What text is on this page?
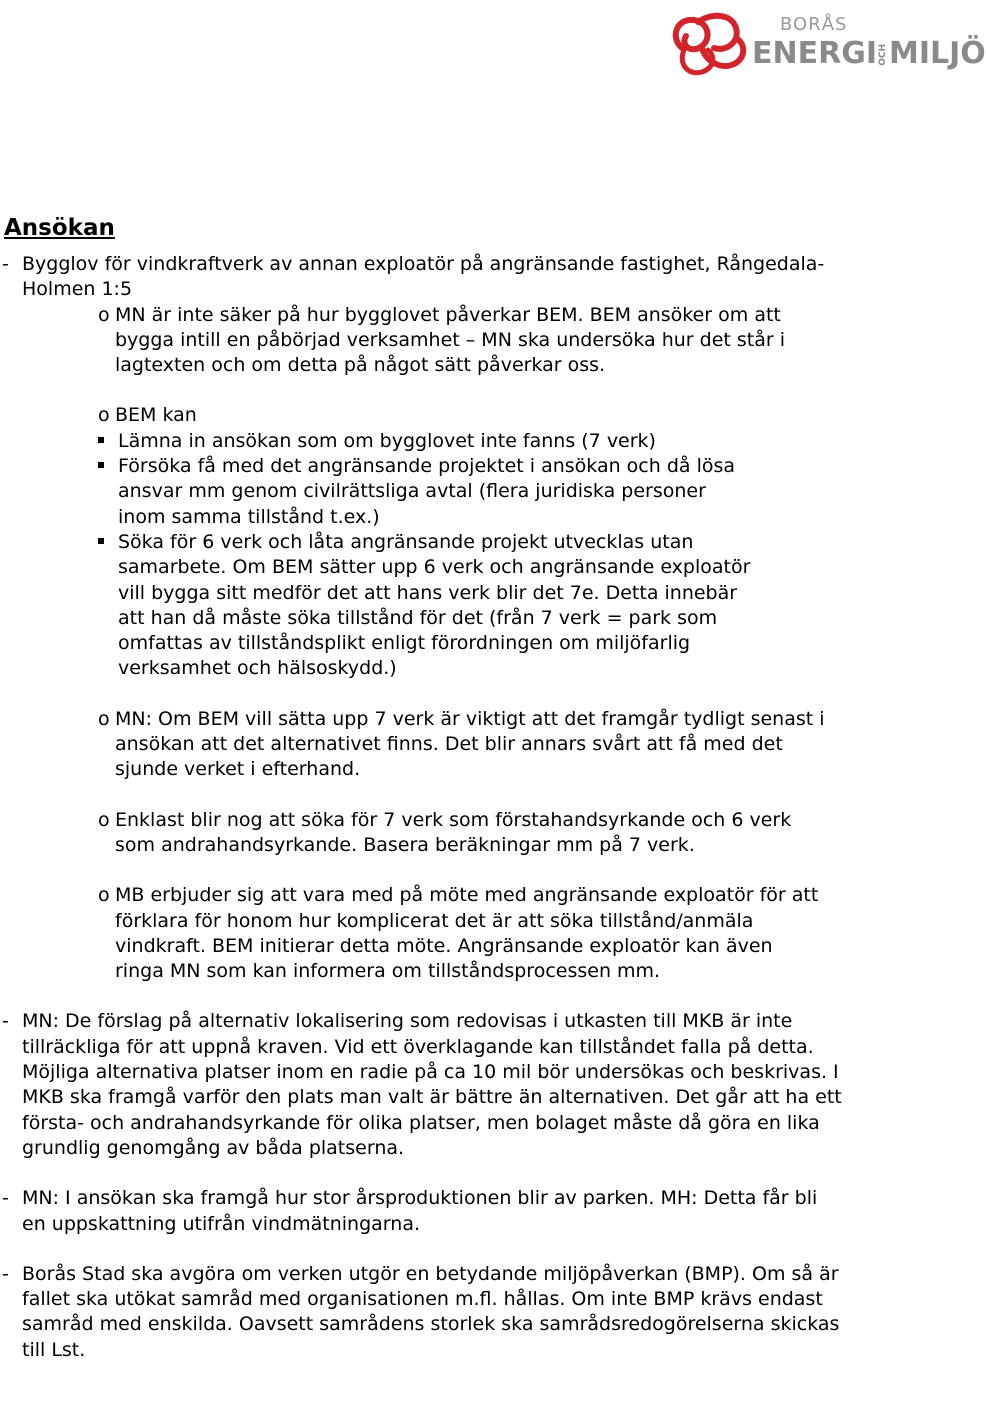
BORÅS
ENERGIOCHMILJÖ
Ansökan
- Bygglov för vindkraftverk av annan exploatör på angränsande fastighet, Rångedala-Holmen 1:5
o MN är inte säker på hur bygglovet påverkar BEM. BEM ansöker om att bygga intill en påbörjad verksamhet – MN ska undersöka hur det står i lagtexten och om detta på något sätt påverkar oss.
o BEM kan
Lämna in ansökan som om bygglovet inte fanns (7 verk)
Försöka få med det angränsande projektet i ansökan och då lösa ansvar mm genom civilrättsliga avtal (flera juridiska personer inom samma tillstånd t.ex.)
Söka för 6 verk och låta angränsande projekt utvecklas utan samarbete. Om BEM sätter upp 6 verk och angränsande exploatör vill bygga sitt medför det att hans verk blir det 7e. Detta innebär att han då måste söka tillstånd för det (från 7 verk = park som omfattas av tillståndsplikt enligt förordningen om miljöfarlig verksamhet och hälsoskydd.)
o MN: Om BEM vill sätta upp 7 verk är viktigt att det framgår tydligt senast i ansökan att det alternativet finns. Det blir annars svårt att få med det sjunde verket i efterhand.
o Enklast blir nog att söka för 7 verk som förstahandsyrkande och 6 verk som andrahandsyrkande. Basera beräkningar mm på 7 verk.
o MB erbjuder sig att vara med på möte med angränsande exploatör för att förklara för honom hur komplicerat det är att söka tillstånd/anmäla vindkraft. BEM initierar detta möte. Angränsande exploatör kan även ringa MN som kan informera om tillståndsprocessen mm.
- MN: De förslag på alternativ lokalisering som redovisas i utkasten till MKB är inte tillräckliga för att uppnå kraven. Vid ett överklagande kan tillståndet falla på detta. Möjliga alternativa platser inom en radie på ca 10 mil bör undersökas och beskrivas. I MKB ska framgå varför den plats man valt är bättre än alternativen. Det går att ha ett första- och andrahandsyrkande för olika platser, men bolaget måste då göra en lika grundlig genomgång av båda platserna.
- MN: I ansökan ska framgå hur stor årsproduktionen blir av parken. MH: Detta får bli en uppskattning utifrån vindmätningarna.
- Borås Stad ska avgöra om verken utgör en betydande miljöpåverkan (BMP). Om så är fallet ska utökat samråd med organisationen m.fl. hållas. Om inte BMP krävs endast samråd med enskilda. Oavsett samrådens storlek ska samrådsredogörelserna skickas till Lst.
